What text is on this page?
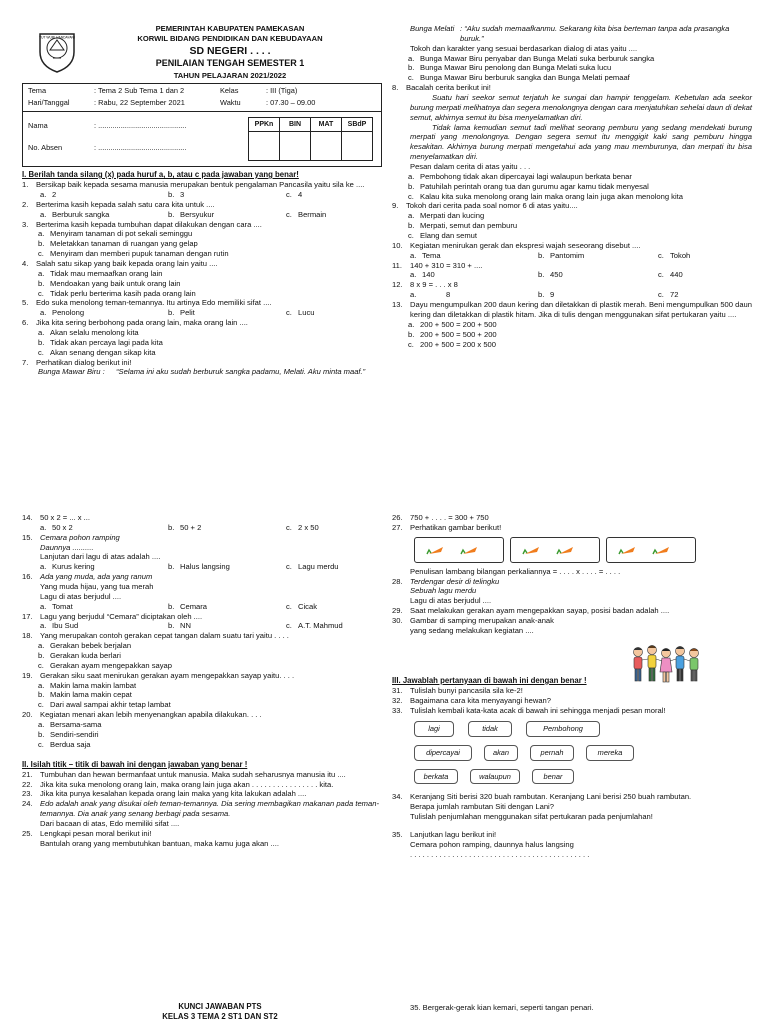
TUT WURI HANDAYANI
PEMERINTAH KABUPATEN PAMEKASAN
KORWIL BIDANG PENDIDIKAN DAN KEBUDAYAAN
SD NEGERI . . . .
PENILAIAN TENGAH SEMESTER 1
TAHUN PELAJARAN 2021/2022
Tema	: Tema 2 Sub Tema 1 dan 2	Kelas	: III (Tiga)
Hari/Tanggal	: Rabu, 22 September 2021	Waktu	: 07.30 – 09.00
Nama	: ...........................................

No. Absen	: ...........................................
PPKn	BIN	MAT	SBdP

I. Berilah tanda silang (x) pada huruf a, b, atau c pada jawaban yang benar!
1.	Bersikap baik kepada sesama manusia merupakan bentuk pengalaman Pancasila yaitu sila ke ....
a. 2	b. 3	c. 4
2.	Berterima kasih kepada salah satu cara kita untuk ....
a. Berburuk sangka	b. Bersyukur	c. Bermain
3.	Berterima kasih kepada tumbuhan dapat dilakukan dengan cara ....
a. Menyiram tanaman di pot sekali seminggu
b. Meletakkan tanaman di ruangan yang gelap
c. Menyiram dan memberi pupuk tanaman dengan rutin
4.	Salah satu sikap yang baik kepada orang lain yaitu ....
a. Tidak mau memaafkan orang lain
b. Mendoakan yang baik untuk orang lain
c. Tidak perlu berterima kasih pada orang lain
5.	Edo suka menolong teman-temannya. Itu artinya Edo memiliki sifat ....
a. Penolong	b. Pelit	c. Lucu
6.	Jika kita sering berbohong pada orang lain, maka orang lain ....
a. Akan selalu menolong kita
b. Tidak akan percaya lagi pada kita
c. Akan senang dengan sikap kita
7.	Perhatikan dialog berikut ini!
Bunga Mawar Biru :	“Selama ini aku sudah berburuk sangka padamu, Melati. Aku minta maaf.”
Bunga Melati : “Aku sudah memaafkanmu. Sekarang kita bisa berteman tanpa ada prasangka buruk.”
Tokoh dan karakter yang sesuai berdasarkan dialog di atas yaitu ....
a. Bunga Mawar Biru penyabar dan Bunga Melati suka berburuk sangka
b. Bunga Mawar Biru penolong dan Bunga Melati suka lucu
c. Bunga Mawar Biru berburuk sangka dan Bunga Melati pemaaf
8.	Bacalah cerita berikut ini!
Suatu hari seekor semut terjatuh ke sungai dan hampir tenggelam. Kebetulan ada seekor burung merpati melihatnya dan segera menolongnya dengan cara menjatuhkan sehelai daun di dekat semut, akhirnya semut itu bisa menyelamatkan diri.
Tidak lama kemudian semut tadi melihat seorang pemburu yang sedang mendekati burung merpati yang menolongnya. Dengan segera semut itu menggigit kaki sang pemburu hingga kesakitan. Akhirnya burung merpati mengetahui ada yang mau memburunya, dan merpati itu bisa menyelamatkan diri.
Pesan dalam cerita di atas yaitu . . .
a. Pembohong tidak akan dipercayai lagi walaupun berkata benar
b. Patuhilah perintah orang tua dan gurumu agar kamu tidak menyesal
c. Kalau kita suka menolong orang lain maka orang lain juga akan menolong kita
9.	Tokoh dari cerita pada soal nomor 6 di atas yaitu....
a. Merpati dan kucing
b. Merpati, semut dan pemburu
c. Elang dan semut
10. Kegiatan menirukan gerak dan ekspresi wajah seseorang disebut ....
a. Tema	b. Pantomim	c. Tokoh
11.	140 + 310 = 310 + ....
a. 140	b. 450	c. 440
12. 8 x 9 = . . . x 8
a.	8	b. 9	c. 72
13. Dayu mengumpulkan 200 daun kering dan diletakkan di plastik merah. Beni mengumpulkan 500 daun kering dan diletakkan di plastik hitam. Jika di tulis dengan menggunakan sifat pertukaran yaitu ....
a. 200 + 500 = 200 + 500
b. 200 + 500 = 500 + 200
c. 200 + 500 = 200 x 500
14. 50 x 2 = ... x ...
a. 50 x 2	b. 50 + 2	c. 2 x 50
15. Cemara pohon ramping
Daunnya ..........
Lanjutan dari lagu di atas adalah ....
a. Kurus kering	b. Halus langsing	c. Lagu merdu
16. Ada yang muda, ada yang ranum
Yang muda hijau, yang tua merah
Lagu di atas berjudul ....
a. Tomat	b. Cemara	c. Cicak
17. Lagu yang berjudul “Cemara” diciptakan oleh ....
a. Ibu Sud	b. NN	c. A.T. Mahmud
18. Yang merupakan contoh gerakan cepat tangan dalam suatu tari yaitu . . . .
a. Gerakan bebek berjalan
b. Gerakan kuda berlari
c. Gerakan ayam mengepakkan sayap
19. Gerakan siku saat menirukan gerakan ayam mengepakkan sayap yaitu. . . .
a. Makin lama makin lambat
b. Makin lama makin cepat
c. Dari awal sampai akhir tetap lambat
20. Kegiatan menari akan lebih menyenangkan apabila dilakukan. . . .
a. Bersama-sama
b. Sendiri-sendiri
c. Berdua saja
II. Isilah titik – titik di bawah ini dengan jawaban yang benar !
21. Tumbuhan dan hewan bermanfaat untuk manusia. Maka sudah seharusnya manusia itu ....
22. Jika kita suka menolong orang lain, maka orang lain juga akan . . . . . . . . . . . . . . . . kita.
23. Jika kita punya kesalahan kepada orang lain maka yang kita lakukan adalah ....
24. Edo adalah anak yang disukai oleh teman-temannya. Dia sering membagikan makanan pada teman-temannya. Dia anak yang senang berbagi pada sesama.
Dari bacaan di atas, Edo memiliki sifat ....
25. Lengkapi pesan moral berikut ini!
Bantulah orang yang membutuhkan bantuan, maka kamu juga akan ....
26. 750 + . . . . = 300 + 750
27. Perhatikan gambar berikut!
Penulisan lambang bilangan perkaliannya = . . . . x . . . . = . . . .
28. Terdengar desir di telingku
Sebuah lagu merdu
Lagu di atas berjudul ....
29. Saat melakukan gerakan ayam mengepakkan sayap, posisi badan adalah ....
30. Gambar di samping merupakan anak-anak
yang sedang melakukan kegiatan ....
III. Jawablah pertanyaan di bawah ini dengan benar !
31. Tulislah bunyi pancasila sila ke-2!
32. Bagaimana cara kita menyayangi hewan?
33. Tulislah kembali kata-kata acak di bawah ini sehingga menjadi pesan moral!
lagi	tidak	Pembohong
dipercayai	akan	pernah	mereka
berkata	walaupun	benar
34. Keranjang Siti berisi 320 buah rambutan. Keranjang Lani berisi 250 buah rambutan.
Berapa jumlah rambutan Siti dengan Lani?
Tulislah penjumlahan menggunakan sifat pertukaran pada penjumlahan!
35. Lanjutkan lagu berikut ini!
Cemara pohon ramping, daunnya halus langsing
. . . . . . . . . . . . . . . . . . . . . . . . . . . . . . . . . . . . . . . . . . .
KUNCI JAWABAN PTS
KELAS 3 TEMA 2 ST1 DAN ST2
35. Bergerak-gerak kian kemari, seperti tangan penari.
